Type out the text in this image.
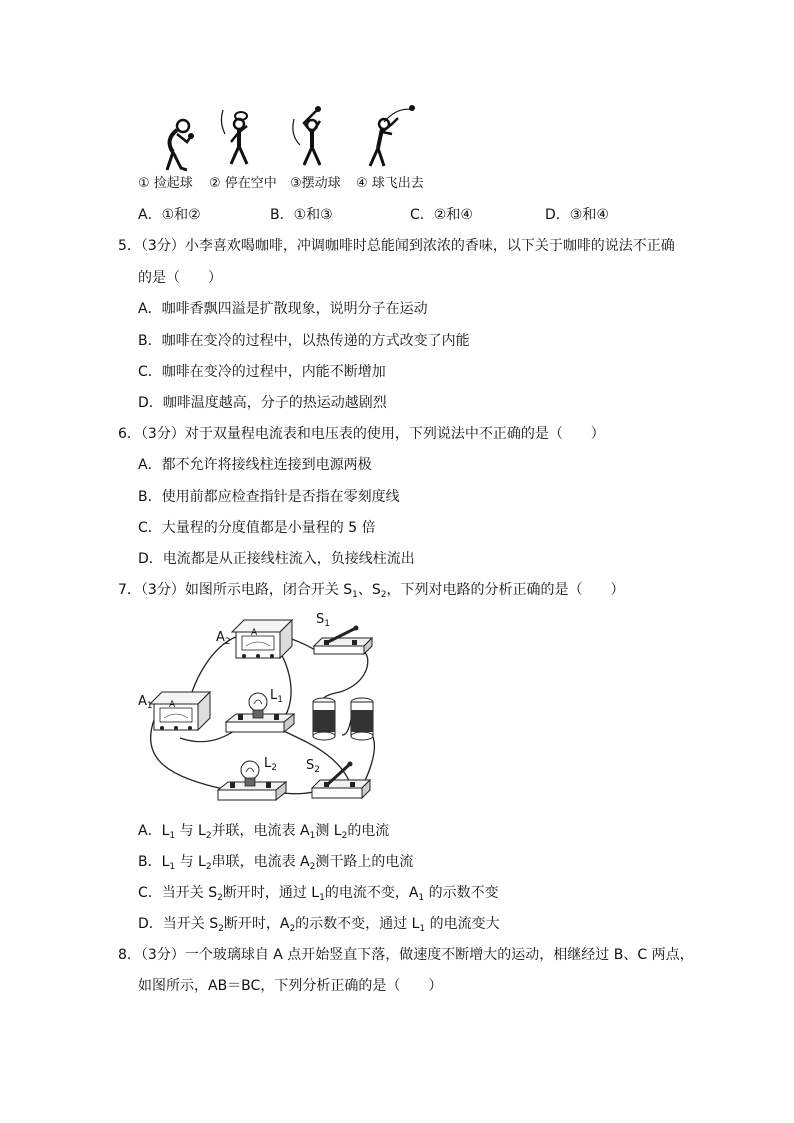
① 捡起球 ② 停在空中 ③摆动球 ④ 球飞出去
A．①和②	B．①和③	C．②和④	D．③和④
5．（3分）小李喜欢喝咖啡，冲调咖啡时总能闻到浓浓的香味，以下关于咖啡的说法不正确
的是（　　）
A．咖啡香飘四溢是扩散现象，说明分子在运动
B．咖啡在变冷的过程中，以热传递的方式改变了内能
C．咖啡在变冷的过程中，内能不断增加
D．咖啡温度越高，分子的热运动越剧烈
6．（3分）对于双量程电流表和电压表的使用，下列说法中不正确的是（　　）
A．都不允许将接线柱连接到电源两极
B．使用前都应检查指针是否指在零刻度线
C．大量程的分度值都是小量程的 5 倍
D．电流都是从正接线柱流入，负接线柱流出
7．（3分）如图所示电路，闭合开关 $S_1$、$S_2$，下列对电路的分析正确的是（　　）
A
$A_2$
A
$A_1$
$S_1$
$L_1$
$L_2$ $S_2$
A．$L_1$ 与 $L_2$并联，电流表 $A_1$测 $L_2$的电流
B．$L_1$ 与 $L_2$串联，电流表 $A_2$测干路上的电流
C．当开关 $S_2$断开时，通过 $L_1$的电流不变，$A_1$ 的示数不变
D．当开关 $S_2$断开时，$A_2$的示数不变，通过 $L_1$ 的电流变大
8．（3分）一个玻璃球自 A 点开始竖直下落，做速度不断增大的运动，相继经过 B、C 两点，
如图所示，AB＝BC，下列分析正确的是（　　）
